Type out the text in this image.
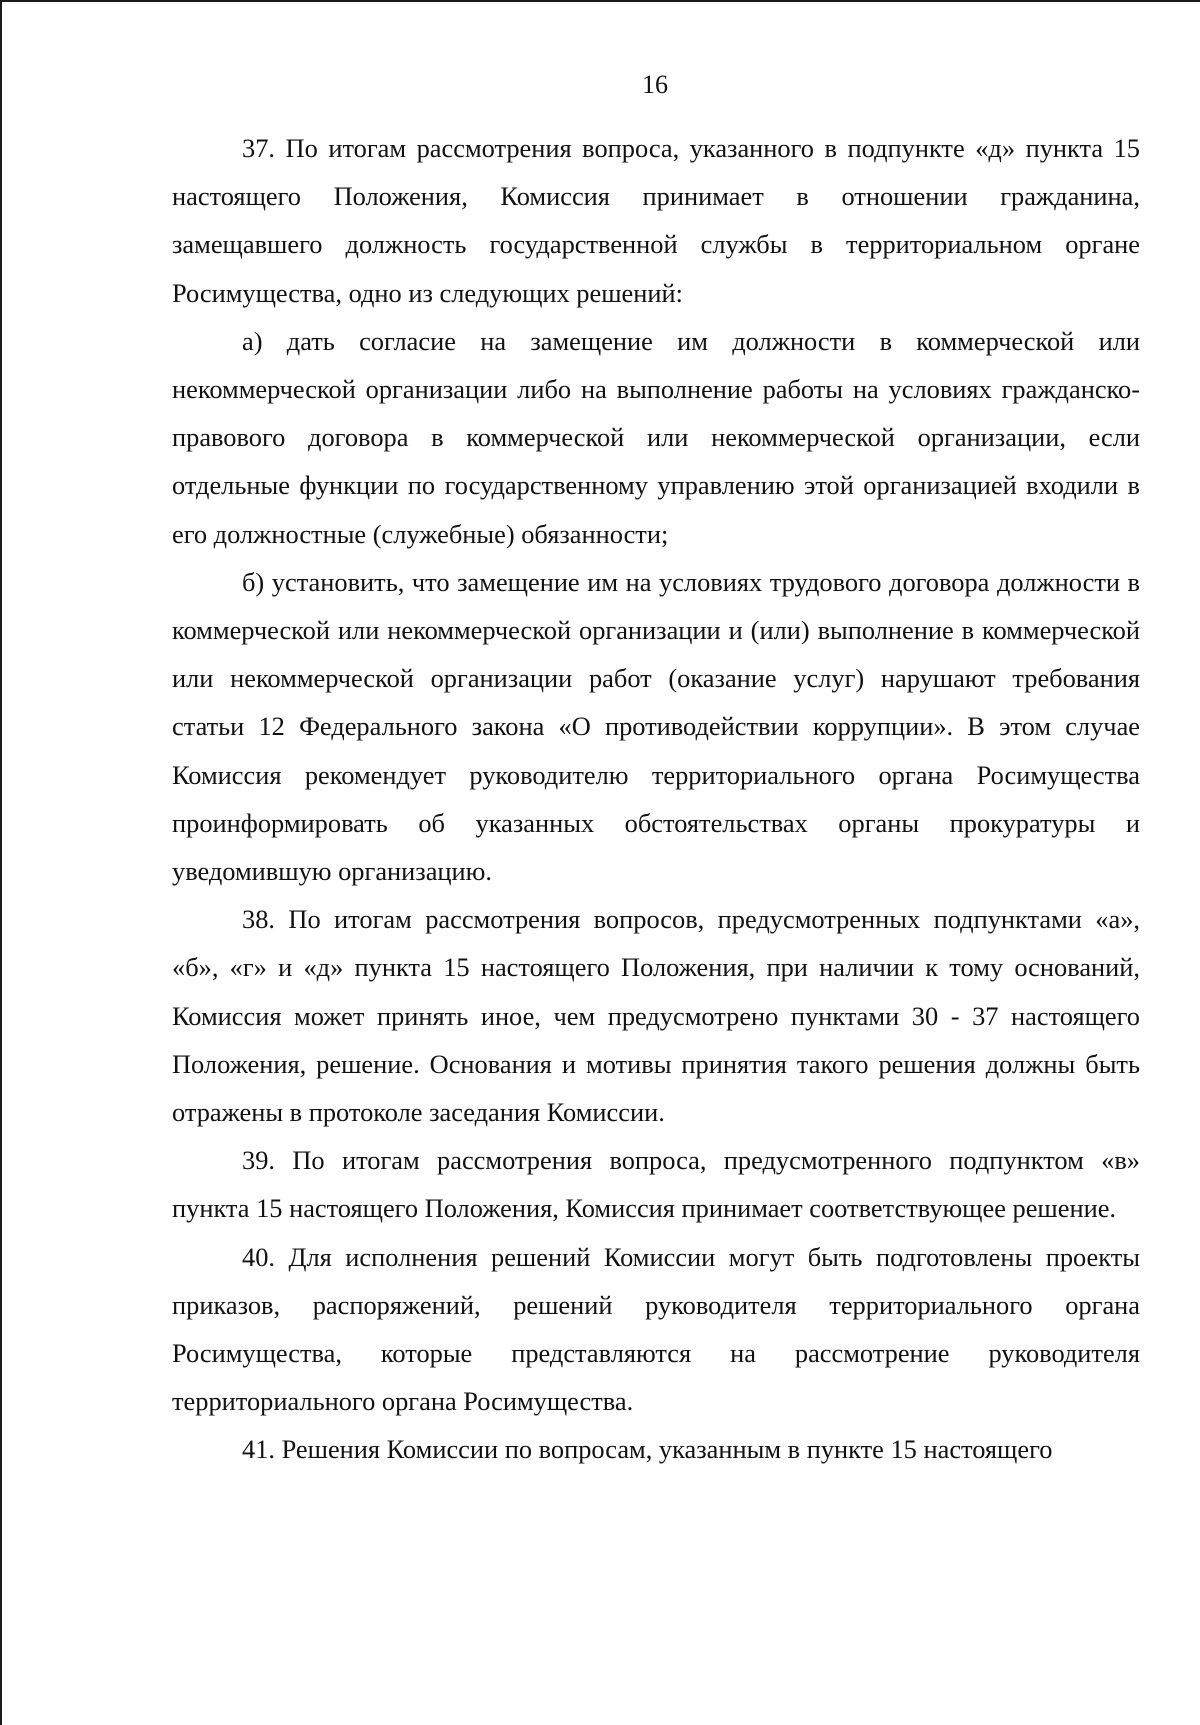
16

37. По итогам рассмотрения вопроса, указанного в подпункте «д» пункта 15 настоящего Положения, Комиссия принимает в отношении гражданина, замещавшего должность государственной службы в территориальном органе Росимущества, одно из следующих решений:

а) дать согласие на замещение им должности в коммерческой или некоммерческой организации либо на выполнение работы на условиях гражданско-правового договора в коммерческой или некоммерческой организации, если отдельные функции по государственному управлению этой организацией входили в его должностные (служебные) обязанности;

б) установить, что замещение им на условиях трудового договора должности в коммерческой или некоммерческой организации и (или) выполнение в коммерческой или некоммерческой организации работ (оказание услуг) нарушают требования статьи 12 Федерального закона «О противодействии коррупции». В этом случае Комиссия рекомендует руководителю территориального органа Росимущества проинформировать об указанных обстоятельствах органы прокуратуры и уведомившую организацию.

38. По итогам рассмотрения вопросов, предусмотренных подпунктами «а», «б», «г» и «д» пункта 15 настоящего Положения, при наличии к тому оснований, Комиссия может принять иное, чем предусмотрено пунктами 30 - 37 настоящего Положения, решение. Основания и мотивы принятия такого решения должны быть отражены в протоколе заседания Комиссии.

39. По итогам рассмотрения вопроса, предусмотренного подпунктом «в» пункта 15 настоящего Положения, Комиссия принимает соответствующее решение.

40. Для исполнения решений Комиссии могут быть подготовлены проекты приказов, распоряжений, решений руководителя территориального органа Росимущества, которые представляются на рассмотрение руководителя территориального органа Росимущества.

41. Решения Комиссии по вопросам, указанным в пункте 15 настоящего
